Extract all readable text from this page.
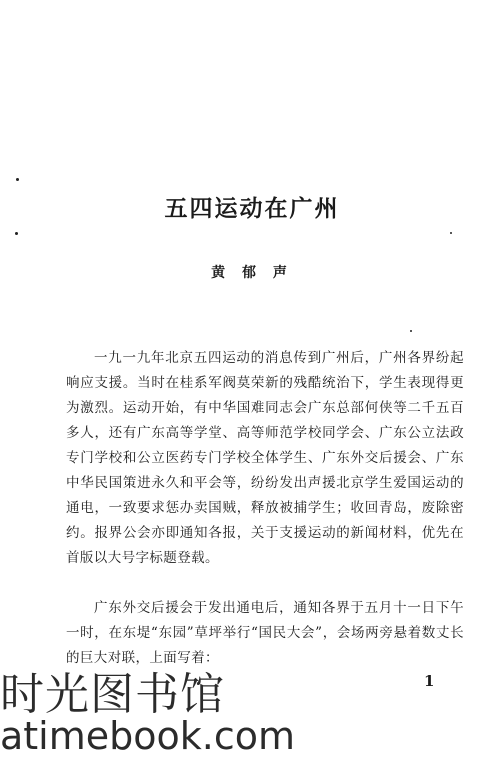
五四运动在广州
黄 郁 声

一九一九年北京五四运动的消息传到广州后，广州各界纷起响应支援。当时在桂系军阀莫荣新的残酷统治下，学生表现得更为激烈。运动开始，有中华国难同志会广东总部何侠等二千五百多人，还有广东高等学堂、高等师范学校同学会、广东公立法政专门学校和公立医药专门学校全体学生、广东外交后援会、广东中华民国策进永久和平会等，纷纷发出声援北京学生爱国运动的通电，一致要求惩办卖国贼，释放被捕学生；收回青岛，废除密约。报界公会亦即通知各报，关于支援运动的新闻材料，优先在首版以大号字标题登载。

广东外交后援会于发出通电后，通知各界于五月十一日下午一时，在东堤“东园”草坪举行“国民大会”，会场两旁悬着数丈长的巨大对联，上面写着：

1
时光图书馆
atimebook.com
